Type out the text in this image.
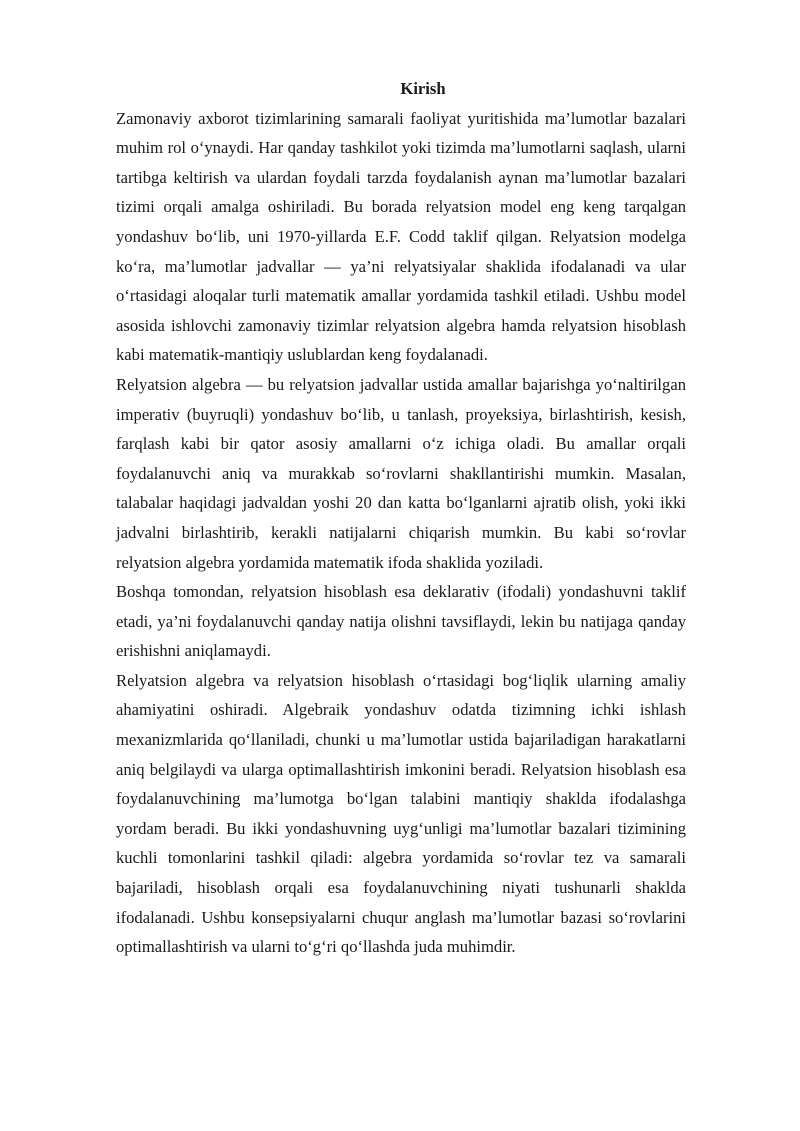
Kirish

Zamonaviy axborot tizimlarining samarali faoliyat yuritishida ma’lumotlar bazalari muhim rol o‘ynaydi. Har qanday tashkilot yoki tizimda ma’lumotlarni saqlash, ularni tartibga keltirish va ulardan foydali tarzda foydalanish aynan ma’lumotlar bazalari tizimi orqali amalga oshiriladi. Bu borada relyatsion model eng keng tarqalgan yondashuv bo‘lib, uni 1970-yillarda E.F. Codd taklif qilgan. Relyatsion modelga ko‘ra, ma’lumotlar jadvallar — ya’ni relyatsiyalar shaklida ifodalanadi va ular o‘rtasidagi aloqalar turli matematik amallar yordamida tashkil etiladi. Ushbu model asosida ishlovchi zamonaviy tizimlar relyatsion algebra hamda relyatsion hisoblash kabi matematik-mantiqiy uslublardan keng foydalanadi.

Relyatsion algebra — bu relyatsion jadvallar ustida amallar bajarishga yo‘naltirilgan imperativ (buyruqli) yondashuv bo‘lib, u tanlash, proyeksiya, birlashtirish, kesish, farqlash kabi bir qator asosiy amallarni o‘z ichiga oladi. Bu amallar orqali foydalanuvchi aniq va murakkab so‘rovlarni shakllantirishi mumkin. Masalan, talabalar haqidagi jadvaldan yoshi 20 dan katta bo‘lganlarni ajratib olish, yoki ikki jadvalni birlashtirib, kerakli natijalarni chiqarish mumkin. Bu kabi so‘rovlar relyatsion algebra yordamida matematik ifoda shaklida yoziladi.

Boshqa tomondan, relyatsion hisoblash esa deklarativ (ifodali) yondashuvni taklif etadi, ya’ni foydalanuvchi qanday natija olishni tavsiflaydi, lekin bu natijaga qanday erishishni aniqlamaydi.

Relyatsion algebra va relyatsion hisoblash o‘rtasidagi bog‘liqlik ularning amaliy ahamiyatini oshiradi. Algebraik yondashuv odatda tizimning ichki ishlash mexanizmlarida qo‘llaniladi, chunki u ma’lumotlar ustida bajariladigan harakatlarni aniq belgilaydi va ularga optimallashtirish imkonini beradi. Relyatsion hisoblash esa foydalanuvchining ma’lumotga bo‘lgan talabini mantiqiy shaklda ifodalashga yordam beradi. Bu ikki yondashuvning uyg‘unligi ma’lumotlar bazalari tizimining kuchli tomonlarini tashkil qiladi: algebra yordamida so‘rovlar tez va samarali bajariladi, hisoblash orqali esa foydalanuvchining niyati tushunarli shaklda ifodalanadi. Ushbu konsepsiyalarni chuqur anglash ma’lumotlar bazasi so‘rovlarini optimallashtirish va ularni to‘g‘ri qo‘llashda juda muhimdir.
